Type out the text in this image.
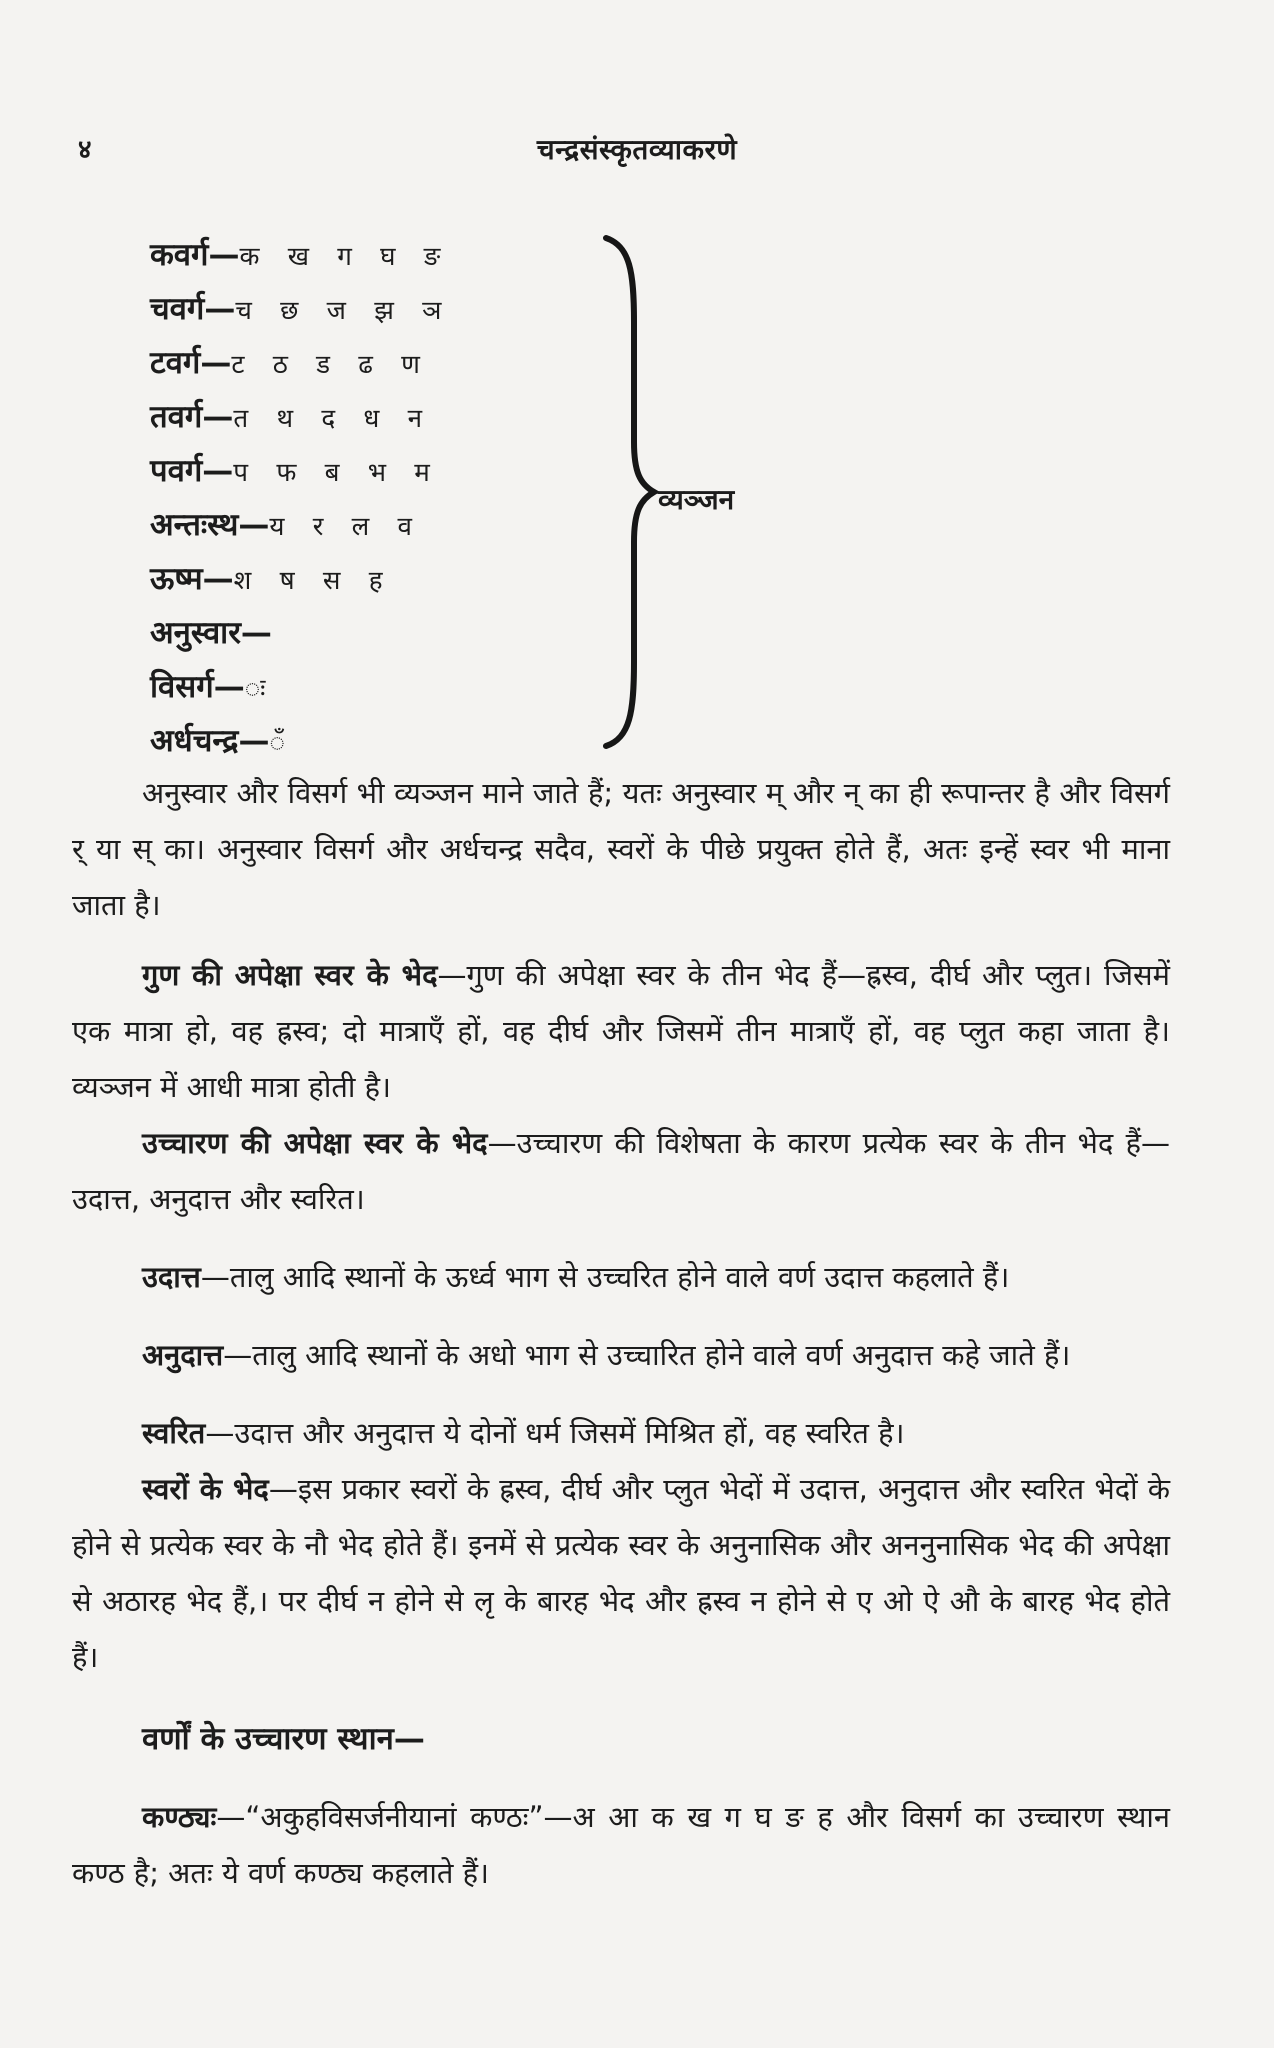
४	चन्द्रसंस्कृतव्याकरणे
कवर्ग—क ख ग घ ङ
चवर्ग—च छ ज झ ञ
टवर्ग—ट ठ ड ढ ण
तवर्ग—त थ द ध न
पवर्ग—प फ ब भ म
अन्तःस्थ—य र ल व
ऊष्म—श ष स ह
अनुस्वार—
विसर्ग—ः
अर्धचन्द्र—ँ
व्यञ्जन

अनुस्वार और विसर्ग भी व्यञ्जन माने जाते हैं; यतः अनुस्वार म् और न् का ही रूपान्तर है और विसर्ग र् या स् का। अनुस्वार विसर्ग और अर्धचन्द्र सदैव, स्वरों के पीछे प्रयुक्त होते हैं, अतः इन्हें स्वर भी माना जाता है।

गुण की अपेक्षा स्वर के भेद—गुण की अपेक्षा स्वर के तीन भेद हैं—ह्रस्व, दीर्घ और प्लुत। जिसमें एक मात्रा हो, वह ह्रस्व; दो मात्राएँ हों, वह दीर्घ और जिसमें तीन मात्राएँ हों, वह प्लुत कहा जाता है। व्यञ्जन में आधी मात्रा होती है।

उच्चारण की अपेक्षा स्वर के भेद—उच्चारण की विशेषता के कारण प्रत्येक स्वर के तीन भेद हैं—उदात्त, अनुदात्त और स्वरित।

उदात्त—तालु आदि स्थानों के ऊर्ध्व भाग से उच्चरित होने वाले वर्ण उदात्त कहलाते हैं।

अनुदात्त—तालु आदि स्थानों के अधो भाग से उच्चारित होने वाले वर्ण अनुदात्त कहे जाते हैं।

स्वरित—उदात्त और अनुदात्त ये दोनों धर्म जिसमें मिश्रित हों, वह स्वरित है।

स्वरों के भेद—इस प्रकार स्वरों के ह्रस्व, दीर्घ और प्लुत भेदों में उदात्त, अनुदात्त और स्वरित भेदों के होने से प्रत्येक स्वर के नौ भेद होते हैं। इनमें से प्रत्येक स्वर के अनुनासिक और अननुनासिक भेद की अपेक्षा से अठारह भेद हैं,। पर दीर्घ न होने से लृ के बारह भेद और ह्रस्व न होने से ए ओ ऐ औ के बारह भेद होते हैं।

वर्णों के उच्चारण स्थान—

कण्ठ्यः—“अकुहविसर्जनीयानां कण्ठः”—अ आ क ख ग घ ङ ह और विसर्ग का उच्चारण स्थान कण्ठ है; अतः ये वर्ण कण्ठ्य कहलाते हैं।
